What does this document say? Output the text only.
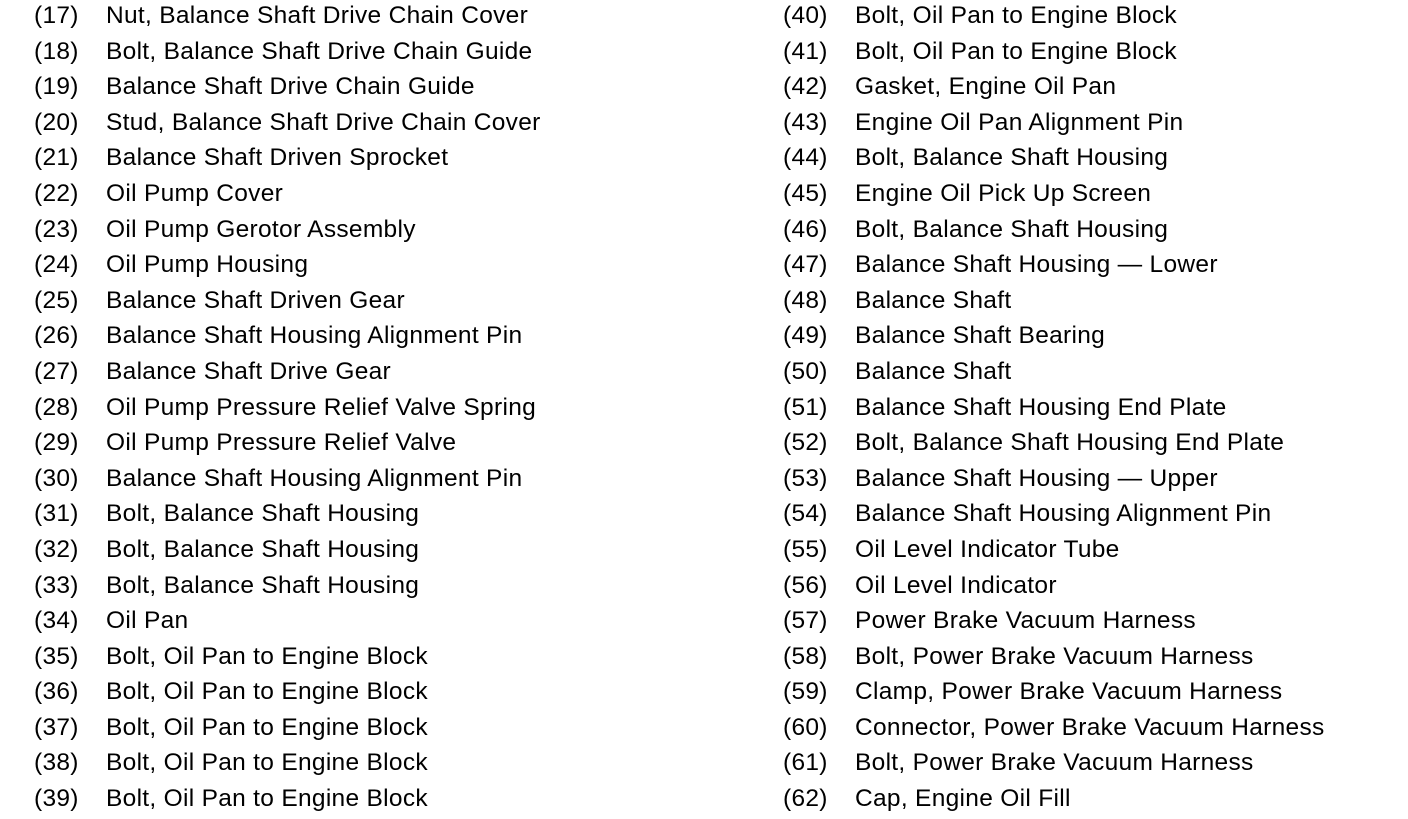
(17) Nut, Balance Shaft Drive Chain Cover
(18) Bolt, Balance Shaft Drive Chain Guide
(19) Balance Shaft Drive Chain Guide
(20) Stud, Balance Shaft Drive Chain Cover
(21) Balance Shaft Driven Sprocket
(22) Oil Pump Cover
(23) Oil Pump Gerotor Assembly
(24) Oil Pump Housing
(25) Balance Shaft Driven Gear
(26) Balance Shaft Housing Alignment Pin
(27) Balance Shaft Drive Gear
(28) Oil Pump Pressure Relief Valve Spring
(29) Oil Pump Pressure Relief Valve
(30) Balance Shaft Housing Alignment Pin
(31) Bolt, Balance Shaft Housing
(32) Bolt, Balance Shaft Housing
(33) Bolt, Balance Shaft Housing
(34) Oil Pan
(35) Bolt, Oil Pan to Engine Block
(36) Bolt, Oil Pan to Engine Block
(37) Bolt, Oil Pan to Engine Block
(38) Bolt, Oil Pan to Engine Block
(39) Bolt, Oil Pan to Engine Block
(40) Bolt, Oil Pan to Engine Block
(41) Bolt, Oil Pan to Engine Block
(42) Gasket, Engine Oil Pan
(43) Engine Oil Pan Alignment Pin
(44) Bolt, Balance Shaft Housing
(45) Engine Oil Pick Up Screen
(46) Bolt, Balance Shaft Housing
(47) Balance Shaft Housing — Lower
(48) Balance Shaft
(49) Balance Shaft Bearing
(50) Balance Shaft
(51) Balance Shaft Housing End Plate
(52) Bolt, Balance Shaft Housing End Plate
(53) Balance Shaft Housing — Upper
(54) Balance Shaft Housing Alignment Pin
(55) Oil Level Indicator Tube
(56) Oil Level Indicator
(57) Power Brake Vacuum Harness
(58) Bolt, Power Brake Vacuum Harness
(59) Clamp, Power Brake Vacuum Harness
(60) Connector, Power Brake Vacuum Harness
(61) Bolt, Power Brake Vacuum Harness
(62) Cap, Engine Oil Fill
